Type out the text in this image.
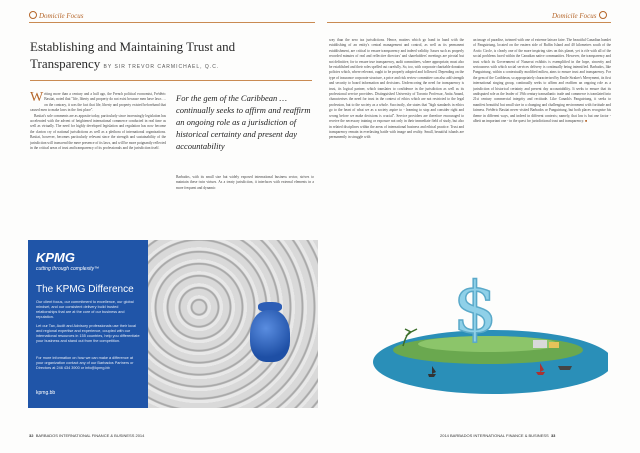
Domicile Focus	Domicile Focus
Establishing and Maintaining Trust and
Transparency BY SIR TREVOR CARMICHAEL, Q.C.
Writing more than a century and a half ago, the French political economist, Frédéric Bastiat, noted that "life, liberty and property do not exist because men have laws … on the contrary, it was the fact that life, liberty and property existed beforehand that caused men to make laws in the first place".
Bastiat's sole comments are as apposite today, particularly since increasingly legislation has accelerated with the advent of heightened international commerce conducted in real time as well as virtually. The need for highly developed legislation and regulation has now become the clarion cry of national jurisdictions as well as a plethora of international organizations. Bastiat, however, becomes particularly relevant since the strength and sustainability of the jurisdiction will transcend the mere presence of its laws, and will be more poignantly reflected in the critical areas of trust and transparency of its professionals and the jurisdiction itself.
For the gem of the Caribbean … continually seeks to affirm and reaffirm an ongoing role as a jurisdiction of historical certainty and present day accountability
Barbados, with its small size but widely exposed international business sector, strives to maintain these twin virtues. As a treaty jurisdiction, it interfaces with external elements in a more frequent and dynamic
way than the zero tax jurisdictions. Hence, matters which go hand in hand with the establishing of an entity's central management and control, as well as its permanent establishment, are critical to ensure transparency and indeed validity. Issues such as properly recorded minutes of real and reflective directors' and shareholders' meetings are pivotal but not definitive, for to ensure true transparency, audit committees, where appropriate, must also be established and their roles spelled out carefully. So, too, with corporate charitable donation policies which, where relevant, ought to be properly adopted and followed. Depending on the type of insurance corporate structure, a price and risk review committee can also add strength and security to board information and decisions. Underscoring the need for transparency is trust, its logical partner, which translates to confidence in the jurisdiction as well as its professional service providers. Distinguished University of Toronto Professor, Anita Anand, characterises the need for trust in the context of ethics which are not restricted to the legal profession, but to the society as a whole. Succinctly, she states that "high standards in ethics go to the heart of what we as a society aspire to - learning to stop and consider right and wrong before we make decisions is crucial". Service providers are therefore encouraged to receive the necessary training or exposure not only in their immediate field of study, but also in related disciplines within the areas of international business and ethical practice. Trust and transparency remain in everlasting battle with image and reality. Small, beautiful islands are permanently in struggle with
an image of paradise, twinned with one of extreme laissez faire. The beautiful Canadian hamlet of Panguirtung, located on the eastern side of Baffin Island and 40 kilometres south of the Arctic Circle, is clearly one of the more inspiring sites on this planet, yet is rife with all of the social problems faced within the Canadian native communities. However, the transparency and trust which its Government of Nunavut exhibits is exemplified in the hope, sincerity and seriousness with which social services delivery is continually being intensified. Barbados, like Panguirtung, within a contextually modified milieu, aims to ensure trust and transparency. For the gem of the Caribbean, so appropriately characterised by Emile Straker's Merryment, its first international singing group, continually seeks to affirm and reaffirm an ongoing role as a jurisdiction of historical certainty and present day accountability. It seeks to ensure that its undisputed role as the leader of 19th century transatlantic trade and commerce is translated into 21st century commercial integrity and rectitude. Like Canada's Panguirtung, it seeks to manifest beautiful but small size in a changing and challenging environment with fortitude and fairness. Frédéric Bastiat never visited Barbados or Panguirtung, but both places recognise his theme in different ways, and indeed in different contexts; namely, that law is but one factor - albeit an important one - in the quest for jurisdictional trust and transparency. ■
KPMG
cutting through complexity™
The KPMG Difference
Our client focus, our commitment to excellence, our global mindset, and our consistent delivery build trusted relationships that are at the core of our business and reputation.
Let our Tax, Audit and Advisory professionals use their local and regional expertise and experience, coupled with our international resources in 155 countries, help you differentiate your business and stand out from the competition.
For more information on how we can make a difference at your organization contact any of our Barbados Partners or Directors at 246 434 3900 or info@kpmg.bb
kpmg.bb
$
32 BARBADOS INTERNATIONAL FINANCE & BUSINESS 2014	2014 BARBADOS INTERNATIONAL FINANCE & BUSINESS 33
